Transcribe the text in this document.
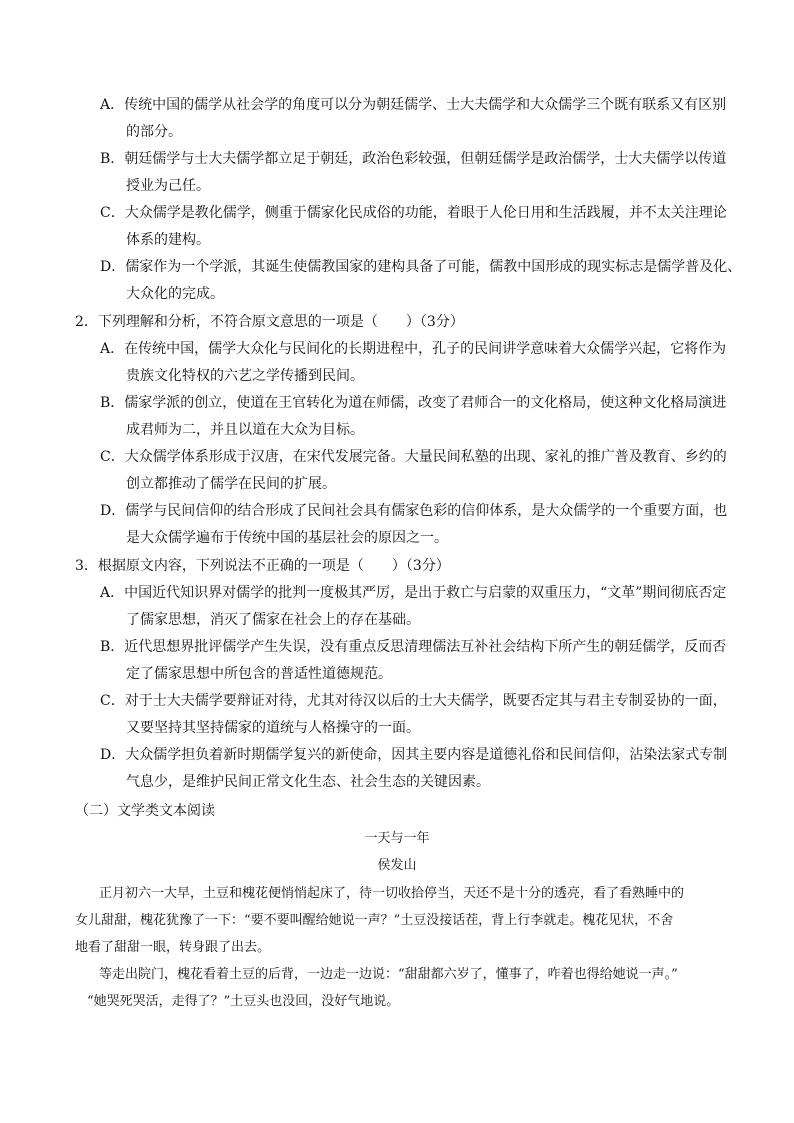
A．传统中国的儒学从社会学的角度可以分为朝廷儒学、士大夫儒学和大众儒学三个既有联系又有区别
的部分。
B．朝廷儒学与士大夫儒学都立足于朝廷，政治色彩较强，但朝廷儒学是政治儒学，士大夫儒学以传道
授业为己任。
C．大众儒学是教化儒学，侧重于儒家化民成俗的功能，着眼于人伦日用和生活践履，并不太关注理论
体系的建构。
D．儒家作为一个学派，其诞生使儒教国家的建构具备了可能，儒教中国形成的现实标志是儒学普及化、
大众化的完成。
2．下列理解和分析，不符合原文意思的一项是（　　）（3分）
A．在传统中国，儒学大众化与民间化的长期进程中，孔子的民间讲学意味着大众儒学兴起，它将作为
贵族文化特权的六艺之学传播到民间。
B．儒家学派的创立，使道在王官转化为道在师儒，改变了君师合一的文化格局，使这种文化格局演进
成君师为二，并且以道在大众为目标。
C．大众儒学体系形成于汉唐，在宋代发展完备。大量民间私塾的出现、家礼的推广普及教育、乡约的
创立都推动了儒学在民间的扩展。
D．儒学与民间信仰的结合形成了民间社会具有儒家色彩的信仰体系，是大众儒学的一个重要方面，也
是大众儒学遍布于传统中国的基层社会的原因之一。
3．根据原文内容，下列说法不正确的一项是（　　）（3分）
A．中国近代知识界对儒学的批判一度极其严厉，是出于救亡与启蒙的双重压力，“文革”期间彻底否定
了儒家思想，消灭了儒家在社会上的存在基础。
B．近代思想界批评儒学产生失误，没有重点反思清理儒法互补社会结构下所产生的朝廷儒学，反而否
定了儒家思想中所包含的普适性道德规范。
C．对于士大夫儒学要辩证对待，尤其对待汉以后的士大夫儒学，既要否定其与君主专制妥协的一面，
又要坚持其坚持儒家的道统与人格操守的一面。
D．大众儒学担负着新时期儒学复兴的新使命，因其主要内容是道德礼俗和民间信仰，沾染法家式专制
气息少，是维护民间正常文化生态、社会生态的关键因素。
（二）文学类文本阅读
一天与一年
侯发山
正月初六一大早，土豆和槐花便悄悄起床了，待一切收拾停当，天还不是十分的透亮，看了看熟睡中的
女儿甜甜，槐花犹豫了一下：“要不要叫醒给她说一声？”土豆没接话茬，背上行李就走。槐花见状，不舍
地看了甜甜一眼，转身跟了出去。
等走出院门，槐花看着土豆的后背，一边走一边说：“甜甜都六岁了，懂事了，咋着也得给她说一声。”
“她哭死哭活，走得了？”土豆头也没回，没好气地说。
